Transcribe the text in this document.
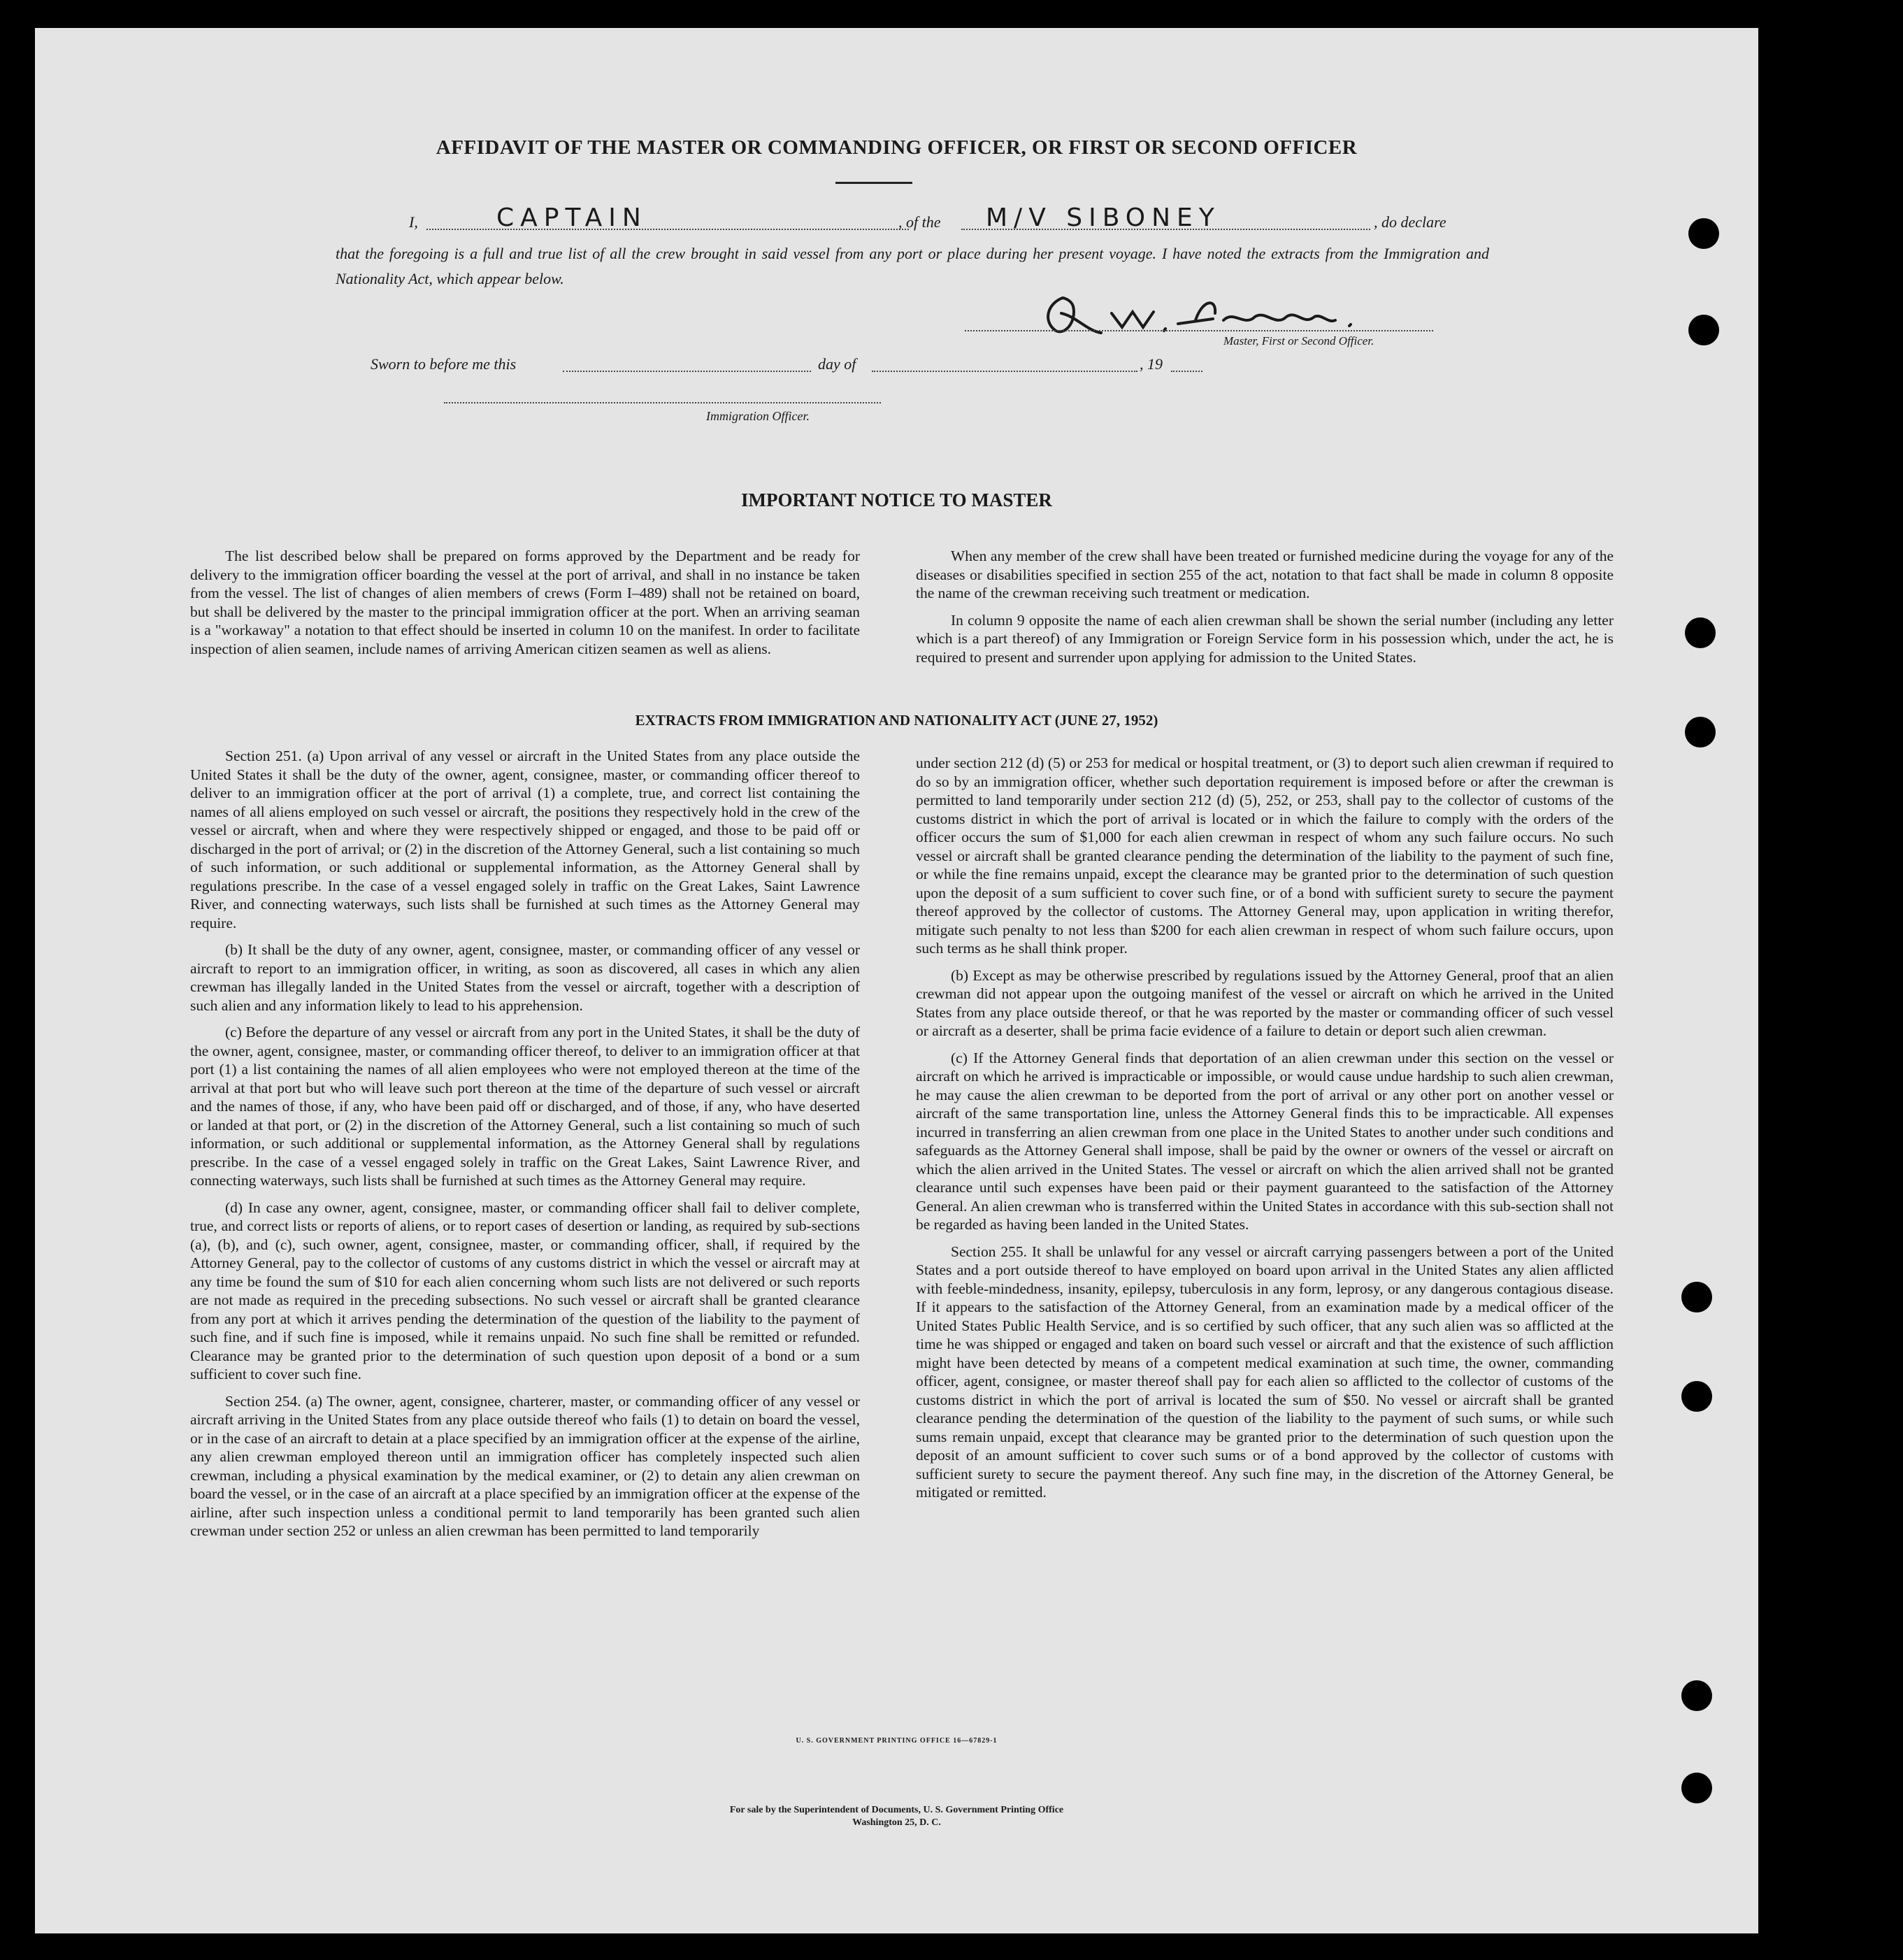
AFFIDAVIT OF THE MASTER OR COMMANDING OFFICER, OR FIRST OR SECOND OFFICER
I,	CAPTAIN	, of the M/V SIBONEY	, do declare
that the foregoing is a full and true list of all the crew brought in said vessel from any port or place during her present voyage. I have noted the extracts from the Immigration and Nationality Act, which appear below.
Master, First or Second Officer.
Sworn to before me this	day of	, 19
Immigration Officer.
IMPORTANT NOTICE TO MASTER

The list described below shall be prepared on forms approved by the Department and be ready for delivery to the immigration officer boarding the vessel at the port of arrival, and shall in no instance be taken from the vessel. The list of changes of alien members of crews (Form I–489) shall not be retained on board, but shall be delivered by the master to the principal immigration officer at the port. When an arriving seaman is a "workaway" a notation to that effect should be inserted in column 10 on the manifest. In order to facilitate inspection of alien seamen, include names of arriving American citizen seamen as well as aliens.

When any member of the crew shall have been treated or furnished medicine during the voyage for any of the diseases or disabilities specified in section 255 of the act, notation to that fact shall be made in column 8 opposite the name of the crewman receiving such treatment or medication.

In column 9 opposite the name of each alien crewman shall be shown the serial number (including any letter which is a part thereof) of any Immigration or Foreign Service form in his possession which, under the act, he is required to present and surrender upon applying for admission to the United States.

EXTRACTS FROM IMMIGRATION AND NATIONALITY ACT (JUNE 27, 1952)

Section 251. (a) Upon arrival of any vessel or aircraft in the United States from any place outside the United States it shall be the duty of the owner, agent, consignee, master, or commanding officer thereof to deliver to an immigration officer at the port of arrival (1) a complete, true, and correct list containing the names of all aliens employed on such vessel or aircraft, the positions they respectively hold in the crew of the vessel or aircraft, when and where they were respectively shipped or engaged, and those to be paid off or discharged in the port of arrival; or (2) in the discretion of the Attorney General, such a list containing so much of such information, or such additional or supplemental information, as the Attorney General shall by regulations prescribe. In the case of a vessel engaged solely in traffic on the Great Lakes, Saint Lawrence River, and connecting waterways, such lists shall be furnished at such times as the Attorney General may require.

(b) It shall be the duty of any owner, agent, consignee, master, or commanding officer of any vessel or aircraft to report to an immigration officer, in writing, as soon as discovered, all cases in which any alien crewman has illegally landed in the United States from the vessel or aircraft, together with a description of such alien and any information likely to lead to his apprehension.

(c) Before the departure of any vessel or aircraft from any port in the United States, it shall be the duty of the owner, agent, consignee, master, or commanding officer thereof, to deliver to an immigration officer at that port (1) a list containing the names of all alien employees who were not employed thereon at the time of the arrival at that port but who will leave such port thereon at the time of the departure of such vessel or aircraft and the names of those, if any, who have been paid off or discharged, and of those, if any, who have deserted or landed at that port, or (2) in the discretion of the Attorney General, such a list containing so much of such information, or such additional or supplemental information, as the Attorney General shall by regulations prescribe. In the case of a vessel engaged solely in traffic on the Great Lakes, Saint Lawrence River, and connecting waterways, such lists shall be furnished at such times as the Attorney General may require.

(d) In case any owner, agent, consignee, master, or commanding officer shall fail to deliver complete, true, and correct lists or reports of aliens, or to report cases of desertion or landing, as required by sub-sections (a), (b), and (c), such owner, agent, consignee, master, or commanding officer, shall, if required by the Attorney General, pay to the collector of customs of any customs district in which the vessel or aircraft may at any time be found the sum of $10 for each alien concerning whom such lists are not delivered or such reports are not made as required in the preceding subsections. No such vessel or aircraft shall be granted clearance from any port at which it arrives pending the determination of the question of the liability to the payment of such fine, and if such fine is imposed, while it remains unpaid. No such fine shall be remitted or refunded. Clearance may be granted prior to the determination of such question upon deposit of a bond or a sum sufficient to cover such fine.

Section 254. (a) The owner, agent, consignee, charterer, master, or commanding officer of any vessel or aircraft arriving in the United States from any place outside thereof who fails (1) to detain on board the vessel, or in the case of an aircraft to detain at a place specified by an immigration officer at the expense of the airline, any alien crewman employed thereon until an immigration officer has completely inspected such alien crewman, including a physical examination by the medical examiner, or (2) to detain any alien crewman on board the vessel, or in the case of an aircraft at a place specified by an immigration officer at the expense of the airline, after such inspection unless a conditional permit to land temporarily has been granted such alien crewman under section 252 or unless an alien crewman has been permitted to land temporarily

under section 212 (d) (5) or 253 for medical or hospital treatment, or (3) to deport such alien crewman if required to do so by an immigration officer, whether such deportation requirement is imposed before or after the crewman is permitted to land temporarily under section 212 (d) (5), 252, or 253, shall pay to the collector of customs of the customs district in which the port of arrival is located or in which the failure to comply with the orders of the officer occurs the sum of $1,000 for each alien crewman in respect of whom any such failure occurs. No such vessel or aircraft shall be granted clearance pending the determination of the liability to the payment of such fine, or while the fine remains unpaid, except the clearance may be granted prior to the determination of such question upon the deposit of a sum sufficient to cover such fine, or of a bond with sufficient surety to secure the payment thereof approved by the collector of customs. The Attorney General may, upon application in writing therefor, mitigate such penalty to not less than $200 for each alien crewman in respect of whom such failure occurs, upon such terms as he shall think proper.

(b) Except as may be otherwise prescribed by regulations issued by the Attorney General, proof that an alien crewman did not appear upon the outgoing manifest of the vessel or aircraft on which he arrived in the United States from any place outside thereof, or that he was reported by the master or commanding officer of such vessel or aircraft as a deserter, shall be prima facie evidence of a failure to detain or deport such alien crewman.

(c) If the Attorney General finds that deportation of an alien crewman under this section on the vessel or aircraft on which he arrived is impracticable or impossible, or would cause undue hardship to such alien crewman, he may cause the alien crewman to be deported from the port of arrival or any other port on another vessel or aircraft of the same transportation line, unless the Attorney General finds this to be impracticable. All expenses incurred in transferring an alien crewman from one place in the United States to another under such conditions and safeguards as the Attorney General shall impose, shall be paid by the owner or owners of the vessel or aircraft on which the alien arrived in the United States. The vessel or aircraft on which the alien arrived shall not be granted clearance until such expenses have been paid or their payment guaranteed to the satisfaction of the Attorney General. An alien crewman who is transferred within the United States in accordance with this sub-section shall not be regarded as having been landed in the United States.

Section 255. It shall be unlawful for any vessel or aircraft carrying passengers between a port of the United States and a port outside thereof to have employed on board upon arrival in the United States any alien afflicted with feeble-mindedness, insanity, epilepsy, tuberculosis in any form, leprosy, or any dangerous contagious disease. If it appears to the satisfaction of the Attorney General, from an examination made by a medical officer of the United States Public Health Service, and is so certified by such officer, that any such alien was so afflicted at the time he was shipped or engaged and taken on board such vessel or aircraft and that the existence of such affliction might have been detected by means of a competent medical examination at such time, the owner, commanding officer, agent, consignee, or master thereof shall pay for each alien so afflicted to the collector of customs of the customs district in which the port of arrival is located the sum of $50. No vessel or aircraft shall be granted clearance pending the determination of the question of the liability to the payment of such sums, or while such sums remain unpaid, except that clearance may be granted prior to the determination of such question upon the deposit of an amount sufficient to cover such sums or of a bond approved by the collector of customs with sufficient surety to secure the payment thereof. Any such fine may, in the discretion of the Attorney General, be mitigated or remitted.

U. S. GOVERNMENT PRINTING OFFICE 16—67829-1
For sale by the Superintendent of Documents, U. S. Government Printing Office
Washington 25, D. C.
